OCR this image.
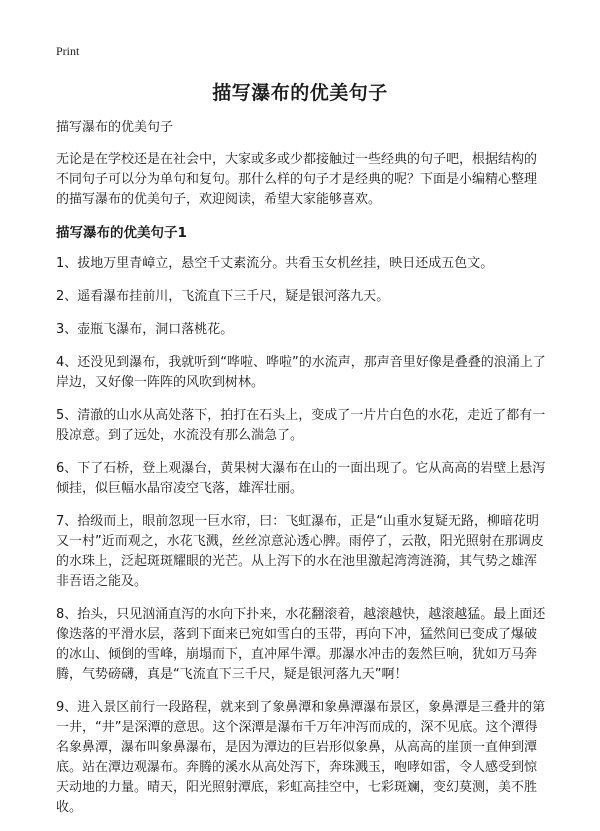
Print
描写瀑布的优美句子

描写瀑布的优美句子

无论是在学校还是在社会中，大家或多或少都接触过一些经典的句子吧，根据结构的不同句子可以分为单句和复句。那什么样的句子才是经典的呢？下面是小编精心整理的描写瀑布的优美句子，欢迎阅读，希望大家能够喜欢。

描写瀑布的优美句子1

1、拔地万里青嶂立，悬空千丈素流分。共看玉女机丝挂，映日还成五色文。

2、遥看瀑布挂前川，飞流直下三千尺，疑是银河落九天。

3、壶瓶飞瀑布，洞口落桃花。

4、还没见到瀑布，我就听到“哗啦、哗啦”的水流声，那声音里好像是叠叠的浪涌上了岸边，又好像一阵阵的风吹到树林。

5、清澈的山水从高处落下，拍打在石头上，变成了一片片白色的水花，走近了都有一股凉意。到了远处，水流没有那么湍急了。

6、下了石桥，登上观瀑台，黄果树大瀑布在山的一面出现了。它从高高的岩壁上悬泻倾挂，似巨幅水晶帘凌空飞落，雄浑壮丽。

7、拾级而上，眼前忽现一巨水帘，曰：飞虹瀑布，正是“山重水复疑无路，柳暗花明又一村”近而观之，水花飞溅，丝丝凉意沁透心脾。雨停了，云散，阳光照射在那调皮的水珠上，泛起斑斑耀眼的光芒。从上泻下的水在池里激起湾湾涟漪，其气势之雄浑非吾语之能及。

8、抬头，只见汹涌直泻的水向下扑来，水花翻滚着，越滚越快，越滚越猛。最上面还像迭落的平滑水层，落到下面来已宛如雪白的玉带，再向下冲，猛然间已变成了爆破的冰山、倾倒的雪峰，崩塌而下，直冲犀牛潭。那瀑水冲击的轰然巨响，犹如万马奔腾，气势磅礴，真是“飞流直下三千尺，疑是银河落九天”啊！

9、进入景区前行一段路程，就来到了象鼻潭和象鼻潭瀑布景区，象鼻潭是三叠井的第一井，“井”是深潭的意思。这个深潭是瀑布千万年冲泻而成的，深不见底。这个潭得名象鼻潭，瀑布叫象鼻瀑布，是因为潭边的巨岩形似象鼻，从高高的崖顶一直伸到潭底。站在潭边观瀑布。奔腾的溪水从高处泻下，奔珠溅玉，咆哮如雷，令人感受到惊天动地的力量。晴天，阳光照射潭底，彩虹高挂空中，七彩斑斓，变幻莫测，美不胜收。
